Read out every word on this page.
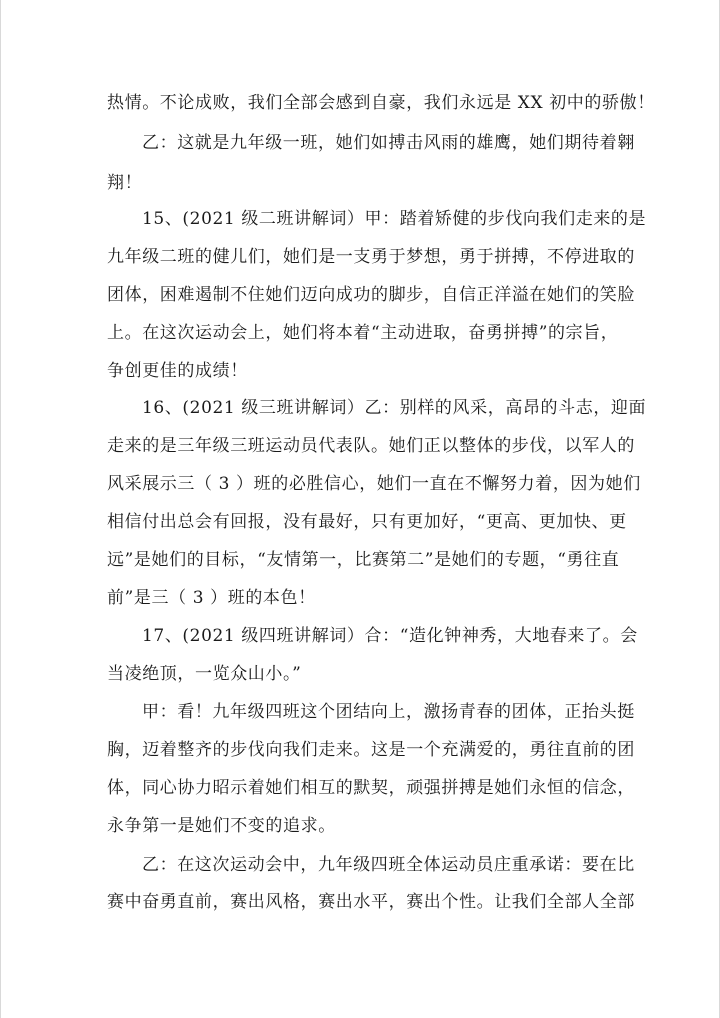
热情。不论成败，我们全部会感到自豪，我们永远是 XX 初中的骄傲！
乙：这就是九年级一班，她们如搏击风雨的雄鹰，她们期待着翱
翔！
15、(2021 级二班讲解词）甲：踏着矫健的步伐向我们走来的是
九年级二班的健儿们，她们是一支勇于梦想，勇于拼搏，不停进取的
团体，困难遏制不住她们迈向成功的脚步，自信正洋溢在她们的笑脸
上。在这次运动会上，她们将本着“主动进取，奋勇拼搏”的宗旨，
争创更佳的成绩！
16、(2021 级三班讲解词）乙：别样的风采，高昂的斗志，迎面
走来的是三年级三班运动员代表队。她们正以整体的步伐，以军人的
风采展示三（ 3 ）班的必胜信心，她们一直在不懈努力着，因为她们
相信付出总会有回报，没有最好，只有更加好，“更高、更加快、更
远”是她们的目标，“友情第一，比赛第二”是她们的专题，“勇往直
前”是三（ 3 ）班的本色！
17、(2021 级四班讲解词）合：“造化钟神秀，大地春来了。会
当凌绝顶，一览众山小。”
甲：看！九年级四班这个团结向上，激扬青春的团体，正抬头挺
胸，迈着整齐的步伐向我们走来。这是一个充满爱的，勇往直前的团
体，同心协力昭示着她们相互的默契，顽强拼搏是她们永恒的信念，
永争第一是她们不变的追求。
乙：在这次运动会中，九年级四班全体运动员庄重承诺：要在比
赛中奋勇直前，赛出风格，赛出水平，赛出个性。让我们全部人全部
